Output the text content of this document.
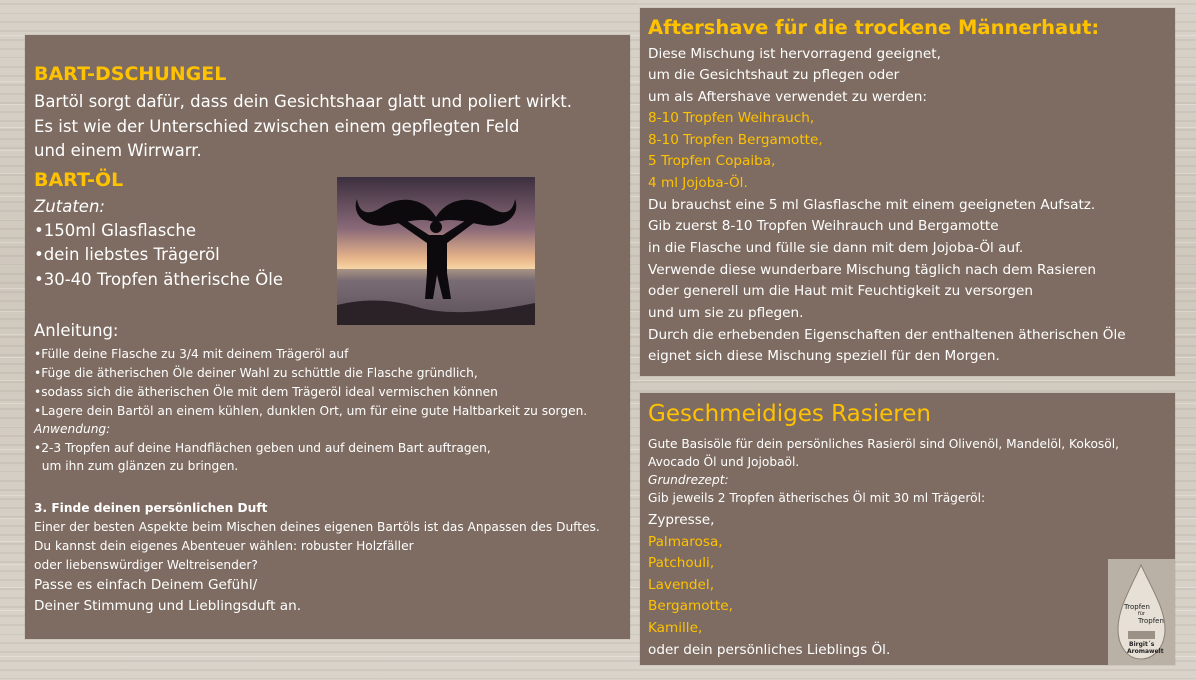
BART-DSCHUNGEL
Bartöl sorgt dafür, dass dein Gesichtshaar glatt und poliert wirkt.
Es ist wie der Unterschied zwischen einem gepflegten Feld
und einem Wirrwarr.
BART-ÖL
Zutaten:
•150ml Glasflasche
•dein liebstes Trägeröl
•30-40 Tropfen ätherische Öle
Anleitung:
•Fülle deine Flasche zu 3/4 mit deinem Trägeröl auf
•Füge die ätherischen Öle deiner Wahl zu schüttle die Flasche gründlich,
•sodass sich die ätherischen Öle mit dem Trägeröl ideal vermischen können
•Lagere dein Bartöl an einem kühlen, dunklen Ort, um für eine gute Haltbarkeit zu sorgen.
Anwendung:
•2-3 Tropfen auf deine Handflächen geben und auf deinem Bart auftragen,
um ihn zum glänzen zu bringen.
3. Finde deinen persönlichen Duft
Einer der besten Aspekte beim Mischen deines eigenen Bartöls ist das Anpassen des Duftes.
Du kannst dein eigenes Abenteuer wählen: robuster Holzfäller
oder liebenswürdiger Weltreisender?
Passe es einfach Deinem Gefühl/
Deiner Stimmung und Lieblingsduft an.
Aftershave für die trockene Männerhaut:
Diese Mischung ist hervorragend geeignet,
um die Gesichtshaut zu pflegen oder
um als Aftershave verwendet zu werden:
8-10 Tropfen Weihrauch,
8-10 Tropfen Bergamotte,
5 Tropfen Copaiba,
4 ml Jojoba-Öl.
Du brauchst eine 5 ml Glasflasche mit einem geeigneten Aufsatz.
Gib zuerst 8-10 Tropfen Weihrauch und Bergamotte
in die Flasche und fülle sie dann mit dem Jojoba-Öl auf.
Verwende diese wunderbare Mischung täglich nach dem Rasieren
oder generell um die Haut mit Feuchtigkeit zu versorgen
und um sie zu pflegen.
Durch die erhebenden Eigenschaften der enthaltenen ätherischen Öle
eignet sich diese Mischung speziell für den Morgen.
Geschmeidiges Rasieren
Gute Basisöle für dein persönliches Rasieröl sind Olivenöl, Mandelöl, Kokosöl,
Avocado Öl und Jojobaöl.
Grundrezept:
Gib jeweils 2 Tropfen ätherisches Öl mit 30 ml Trägeröl:
Zypresse,
Palmarosa,
Patchouli,
Lavendel,
Bergamotte,
Kamille,
oder dein persönliches Lieblings Öl.
Tropfen
für
Tropfen
Birgit´s
Aromawelt
